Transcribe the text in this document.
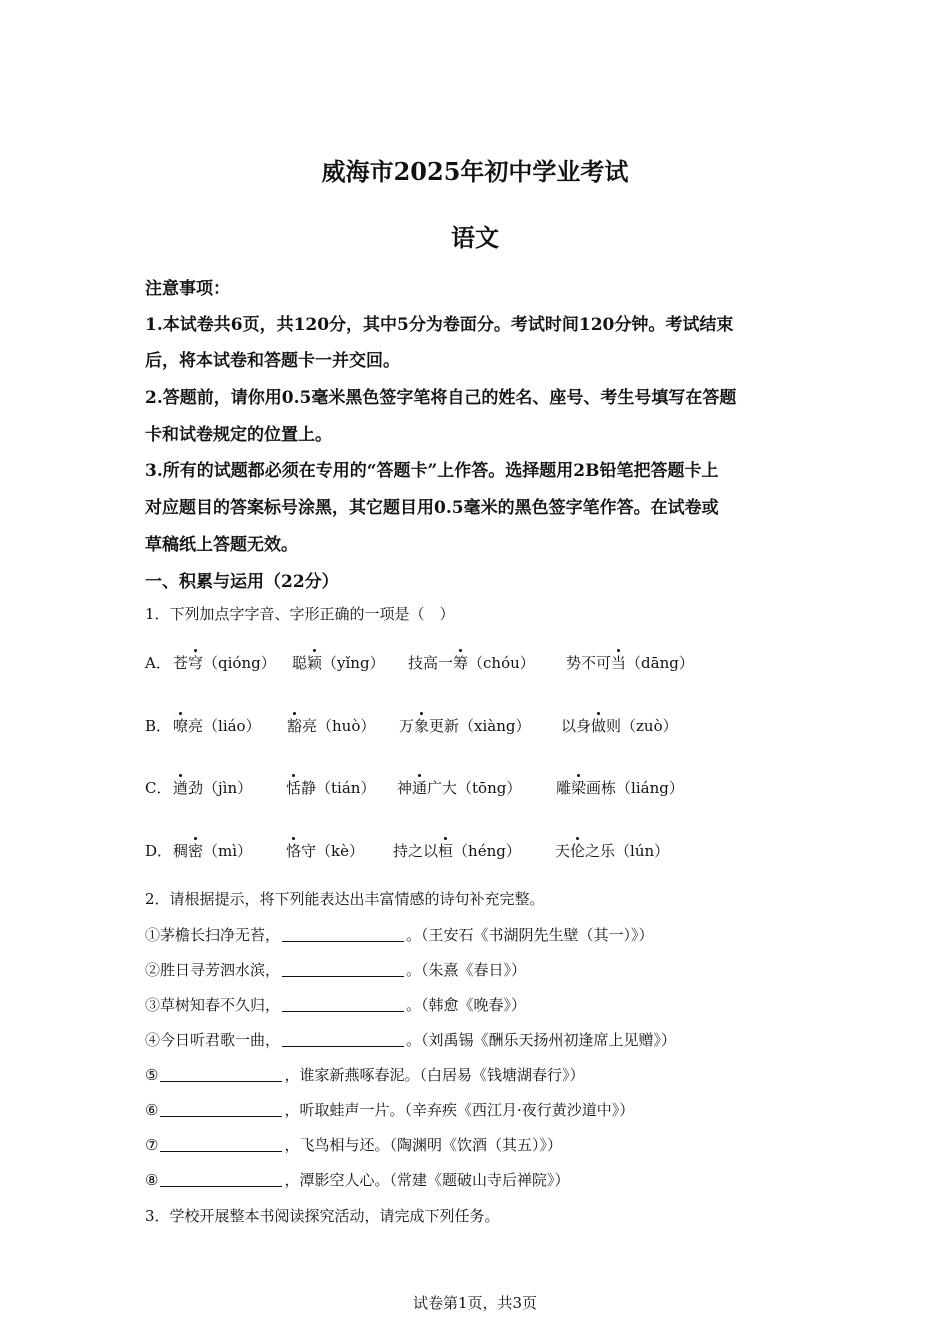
威海市2025年初中学业考试
语文
注意事项：
1.本试卷共6页，共120分，其中5分为卷面分。考试时间120分钟。考试结束
后，将本试卷和答题卡一并交回。
2.答题前，请你用0.5毫米黑色签字笔将自己的姓名、座号、考生号填写在答题
卡和试卷规定的位置上。
3.所有的试题都必须在专用的“答题卡”上作答。选择题用2B铅笔把答题卡上
对应题目的答案标号涂黑，其它题目用0.5毫米的黑色签字笔作答。在试卷或
草稿纸上答题无效。
一、积累与运用（22分）
1．下列加点字字音、字形正确的一项是（　）
A． 苍穹（qióng） 聪颖（yǐng） 技高一筹（chóu） 势不可当（dāng）
B． 嘹亮（liáo） 豁亮（huò） 万象更新（xiàng） 以身做则（zuò）
C． 遒劲（jìn） 恬静（tián） 神通广大（tōng） 雕梁画栋（liáng）
D． 稠密（mì） 恪守（kè） 持之以桓（héng） 天伦之乐（lún）
2．请根据提示，将下列能表达出丰富情感的诗句补充完整。
①茅檐长扫净无苔，	。（王安石《书湖阴先生壁（其一）》）
②胜日寻芳泗水滨，	。（朱熹《春日》）
③草树知春不久归，	。（韩愈《晚春》）
④今日听君歌一曲，	。（刘禹锡《酬乐天扬州初逢席上见赠》）
⑤	，谁家新燕啄春泥。（白居易《钱塘湖春行》）
⑥	，听取蛙声一片。（辛弃疾《西江月·夜行黄沙道中》）
⑦	，飞鸟相与还。（陶渊明《饮酒（其五）》）
⑧	，潭影空人心。（常建《题破山寺后禅院》）
3．学校开展整本书阅读探究活动，请完成下列任务。
试卷第1页，共3页
